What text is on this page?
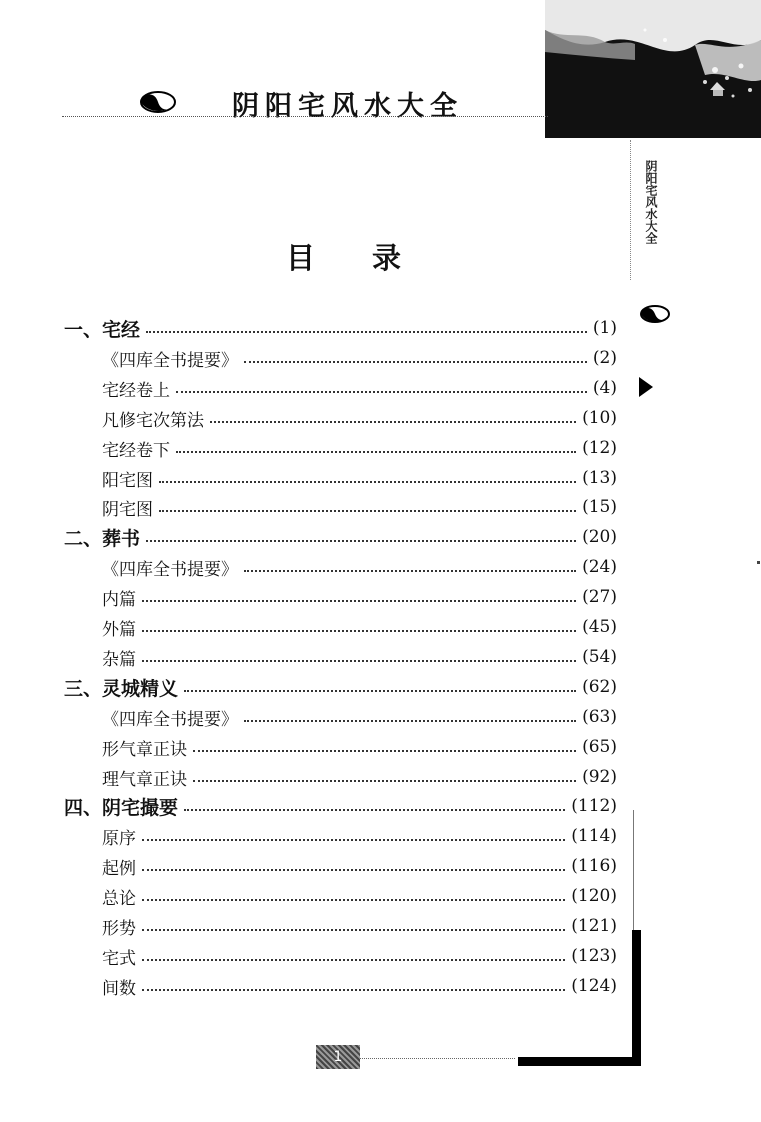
阴阳宅风水大全
阴阳宅风水大全
目 录
一、宅经	(1)
《四库全书提要》	(2)
宅经卷上	(4)
凡修宅次第法	(10)
宅经卷下	(12)
阳宅图	(13)
阴宅图	(15)
二、葬书	(20)
《四库全书提要》	(24)
内篇	(27)
外篇	(45)
杂篇	(54)
三、灵城精义	(62)
《四库全书提要》	(63)
形气章正诀	(65)
理气章正诀	(92)
四、阴宅撮要	(112)
原序	(114)
起例	(116)
总论	(120)
形势	(121)
宅式	(123)
间数	(124)
1
